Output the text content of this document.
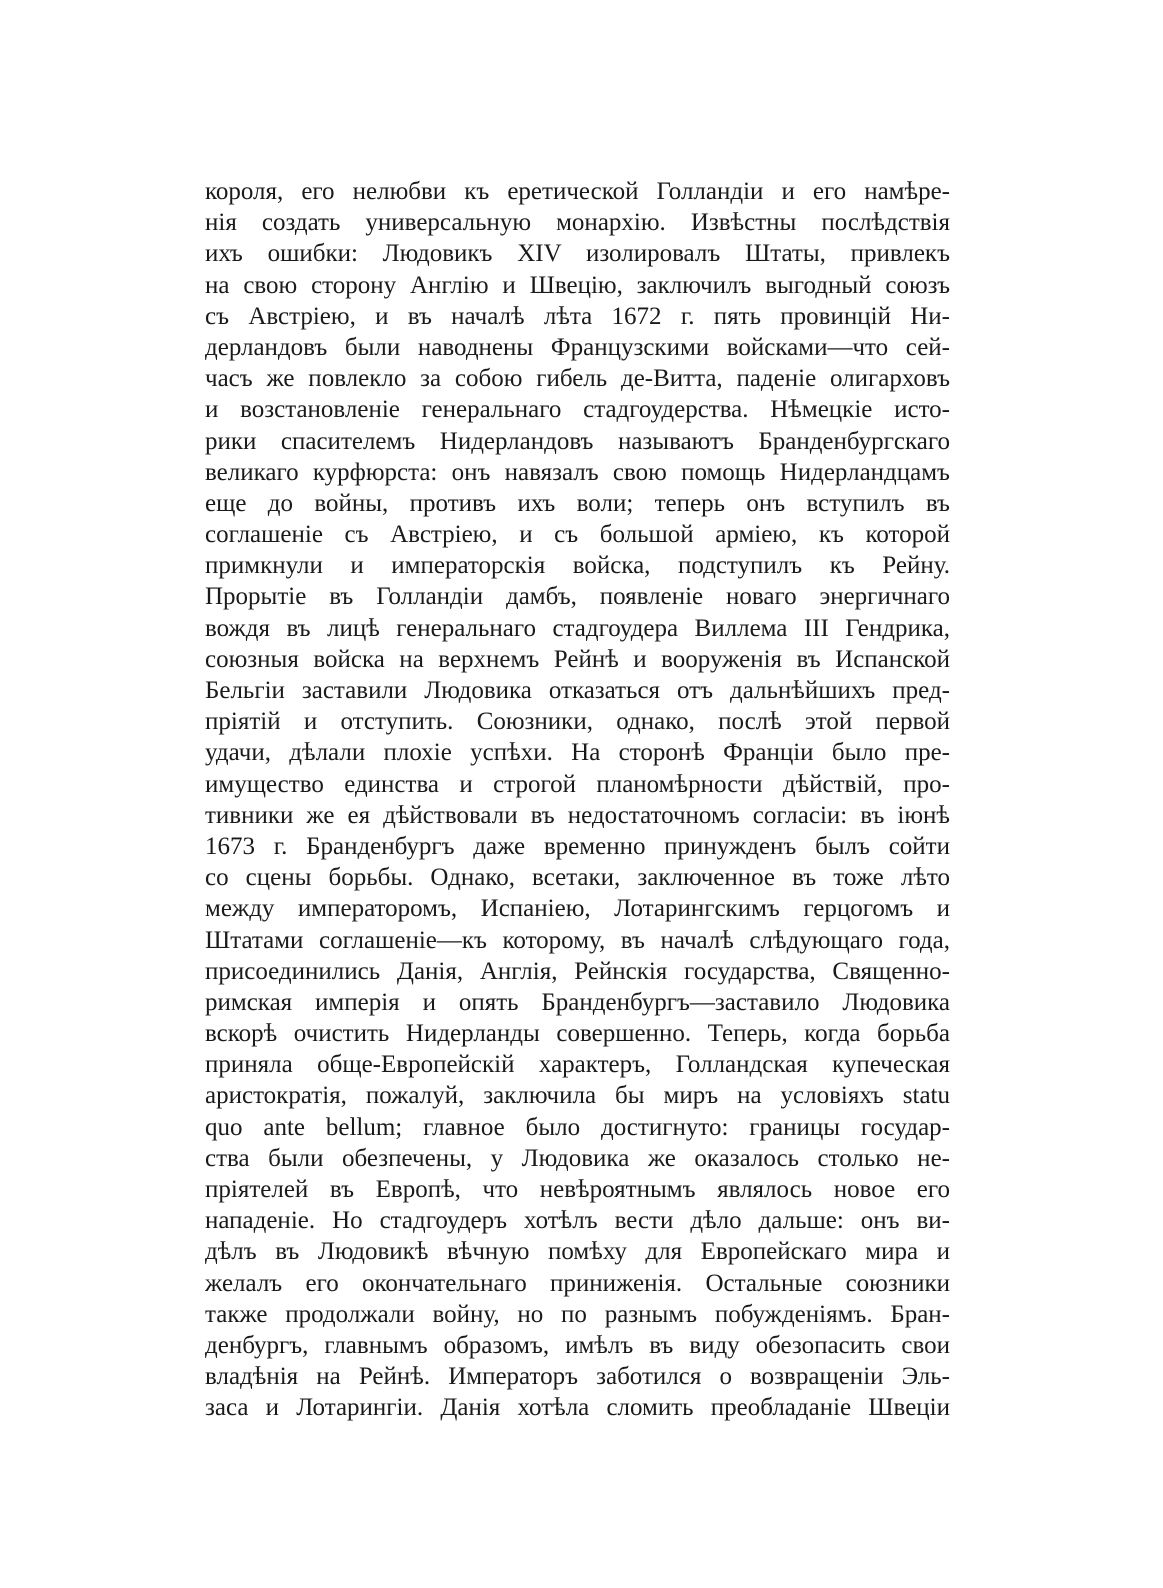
короля, его нелюбви къ еретической Голландіи и его намѣре-
нія создать универсальную монархію. Извѣстны послѣдствія
ихъ ошибки: Людовикъ XIV изолировалъ Штаты, привлекъ
на свою сторону Англію и Швецію, заключилъ выгодный союзъ
съ Австріею, и въ началѣ лѣта 1672 г. пять провинцій Ни-
дерландовъ были наводнены Французскими войсками—что сей-
часъ же повлекло за собою гибель де-Витта, паденіе олигарховъ
и возстановленіе генеральнаго стадгоудерства. Нѣмецкіе исто-
рики спасителемъ Нидерландовъ называютъ Бранденбургскаго
великаго курфюрста: онъ навязалъ свою помощь Нидерландцамъ
еще до войны, противъ ихъ воли; теперь онъ вступилъ въ
соглашеніе съ Австріею, и съ большой арміею, къ которой
примкнули и императорскія войска, подступилъ къ Рейну.
Прорытіе въ Голландіи дамбъ, появленіе новаго энергичнаго
вождя въ лицѣ генеральнаго стадгоудера Виллема III Гендрика,
союзныя войска на верхнемъ Рейнѣ и вооруженія въ Испанской
Бельгіи заставили Людовика отказаться отъ дальнѣйшихъ пред-
пріятій и отступить. Союзники, однако, послѣ этой первой
удачи, дѣлали плохіе успѣхи. На сторонѣ Франціи было пре-
имущество единства и строгой планомѣрности дѣйствій, про-
тивники же ея дѣйствовали въ недостаточномъ согласіи: въ іюнѣ
1673 г. Бранденбургъ даже временно принужденъ былъ сойти
со сцены борьбы. Однако, всетаки, заключенное въ тоже лѣто
между императоромъ, Испаніею, Лотарингскимъ герцогомъ и
Штатами соглашеніе—къ которому, въ началѣ слѣдующаго года,
присоединились Данія, Англія, Рейнскія государства, Священно-
римская имперія и опять Бранденбургъ—заставило Людовика
вскорѣ очистить Нидерланды совершенно. Теперь, когда борьба
приняла обще-Европейскій характеръ, Голландская купеческая
аристократія, пожалуй, заключила бы миръ на условіяхъ statu
quo ante bellum; главное было достигнуто: границы государ-
ства были обезпечены, у Людовика же оказалось столько не-
пріятелей въ Европѣ, что невѣроятнымъ являлось новое его
нападеніе. Но стадгоудеръ хотѣлъ вести дѣло дальше: онъ ви-
дѣлъ въ Людовикѣ вѣчную помѣху для Европейскаго мира и
желалъ его окончательнаго приниженія. Остальные союзники
также продолжали войну, но по разнымъ побужденіямъ. Бран-
денбургъ, главнымъ образомъ, имѣлъ въ виду обезопасить свои
владѣнія на Рейнѣ. Императоръ заботился о возвращеніи Эль-
заса и Лотарингіи. Данія хотѣла сломить преобладаніе Швеціи
